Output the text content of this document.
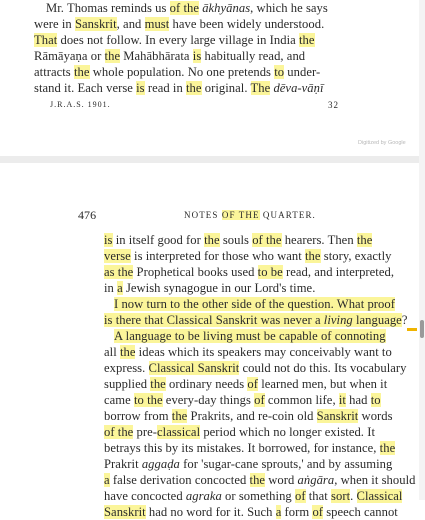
Mr. Thomas reminds us of the ākhyānas, which he says
were in Sanskrit, and must have been widely understood.
That does not follow. In every large village in India the
Rāmāyaṇa or the Mahābhārata is habitually read, and
attracts the whole population. No one pretends to under-
stand it. Each verse is read in the original. The dēva-vāṇī
J.R.A.S. 1901.	32
Digitized by Google
476	NOTES OF THE QUARTER.
is in itself good for the souls of the hearers. Then the
verse is interpreted for those who want the story, exactly
as the Prophetical books used to be read, and interpreted,
in a Jewish synagogue in our Lord's time.
I now turn to the other side of the question. What proof
is there that Classical Sanskrit was never a living language?
A language to be living must be capable of connoting
all the ideas which its speakers may conceivably want to
express. Classical Sanskrit could not do this. Its vocabulary
supplied the ordinary needs of learned men, but when it
came to the every-day things of common life, it had to
borrow from the Prakrits, and re-coin old Sanskrit words
of the pre-classical period which no longer existed. It
betrays this by its mistakes. It borrowed, for instance, the
Prakrit aggaḍa for 'sugar-cane sprouts,' and by assuming
a false derivation concocted the word aṅgāra, when it should
have concocted agraka or something of that sort. Classical
Sanskrit had no word for it. Such a form of speech cannot
